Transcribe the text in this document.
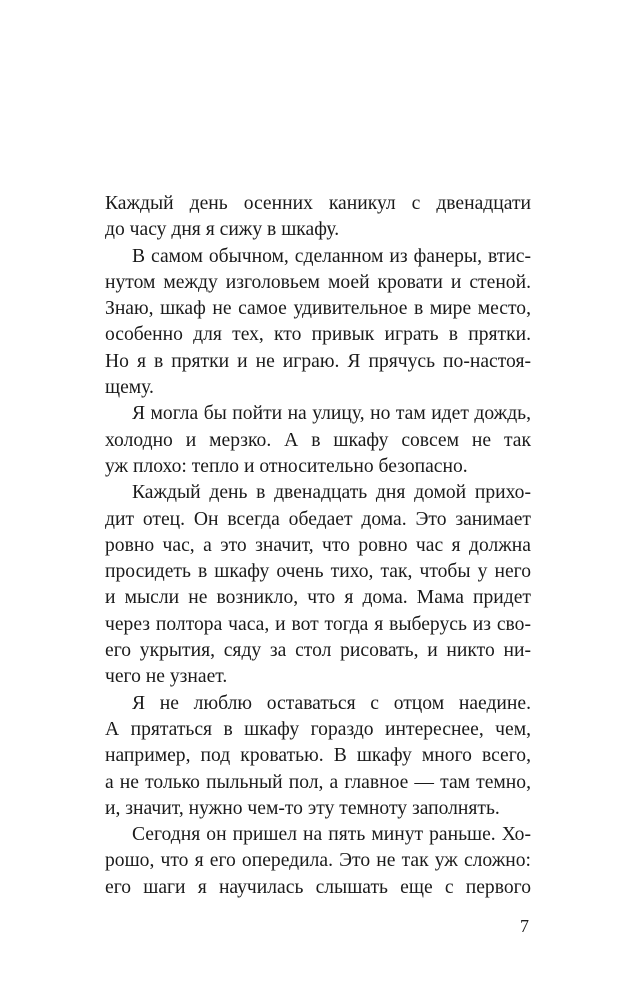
Каждый день осенних каникул с двенадцати
до часу дня я сижу в шкафу.
В самом обычном, сделанном из фанеры, втис-
нутом между изголовьем моей кровати и стеной.
Знаю, шкаф не самое удивительное в мире место,
особенно для тех, кто привык играть в прятки.
Но я в прятки и не играю. Я прячусь по-настоя-
щему.
Я могла бы пойти на улицу, но там идет дождь,
холодно и мерзко. А в шкафу совсем не так
уж плохо: тепло и относительно безопасно.
Каждый день в двенадцать дня домой прихо-
дит отец. Он всегда обедает дома. Это занимает
ровно час, а это значит, что ровно час я должна
просидеть в шкафу очень тихо, так, чтобы у него
и мысли не возникло, что я дома. Мама придет
через полтора часа, и вот тогда я выберусь из сво-
его укрытия, сяду за стол рисовать, и никто ни-
чего не узнает.
Я не люблю оставаться с отцом наедине.
А прятаться в шкафу гораздо интереснее, чем,
например, под кроватью. В шкафу много всего,
а не только пыльный пол, а главное — там темно,
и, значит, нужно чем-то эту темноту заполнять.
Сегодня он пришел на пять минут раньше. Хо-
рошо, что я его опередила. Это не так уж сложно:
его шаги я научилась слышать еще с первого
7
